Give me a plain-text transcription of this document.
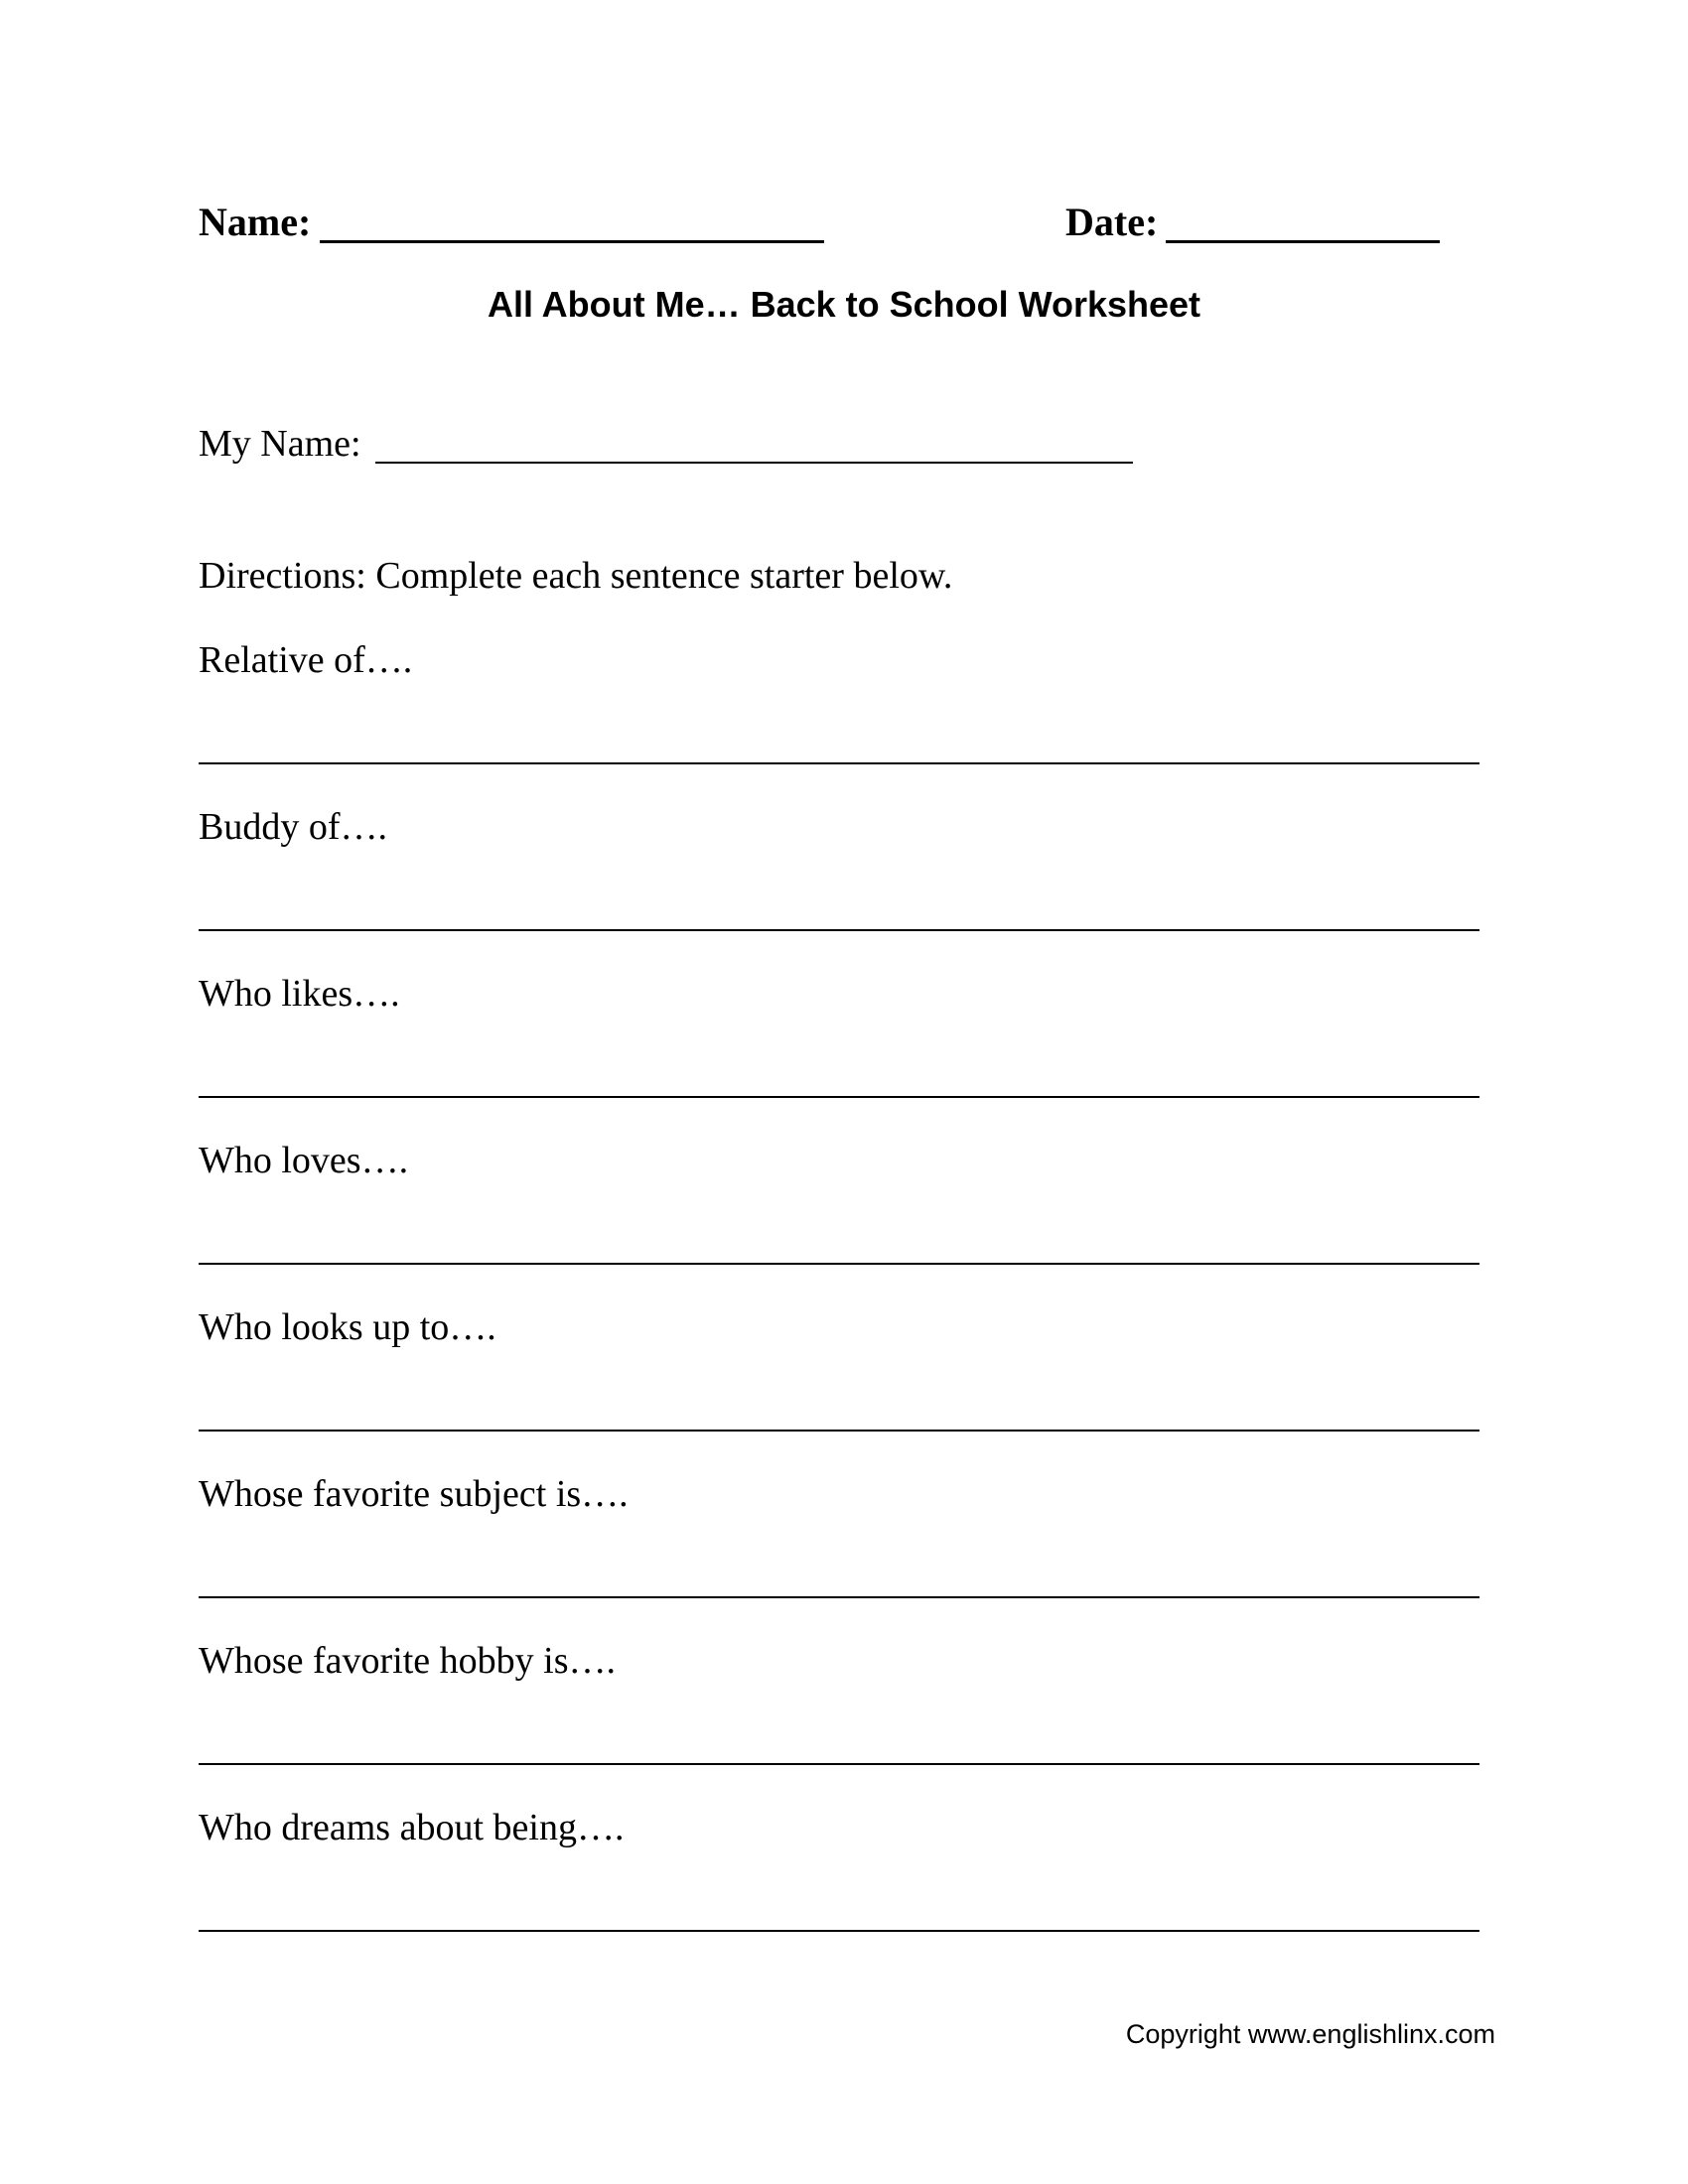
Name:	Date:
All About Me… Back to School Worksheet
My Name:
Directions: Complete each sentence starter below.
Relative of….
Buddy of….
Who likes….
Who loves….
Who looks up to….
Whose favorite subject is….
Whose favorite hobby is….
Who dreams about being….
Copyright www.englishlinx.com
